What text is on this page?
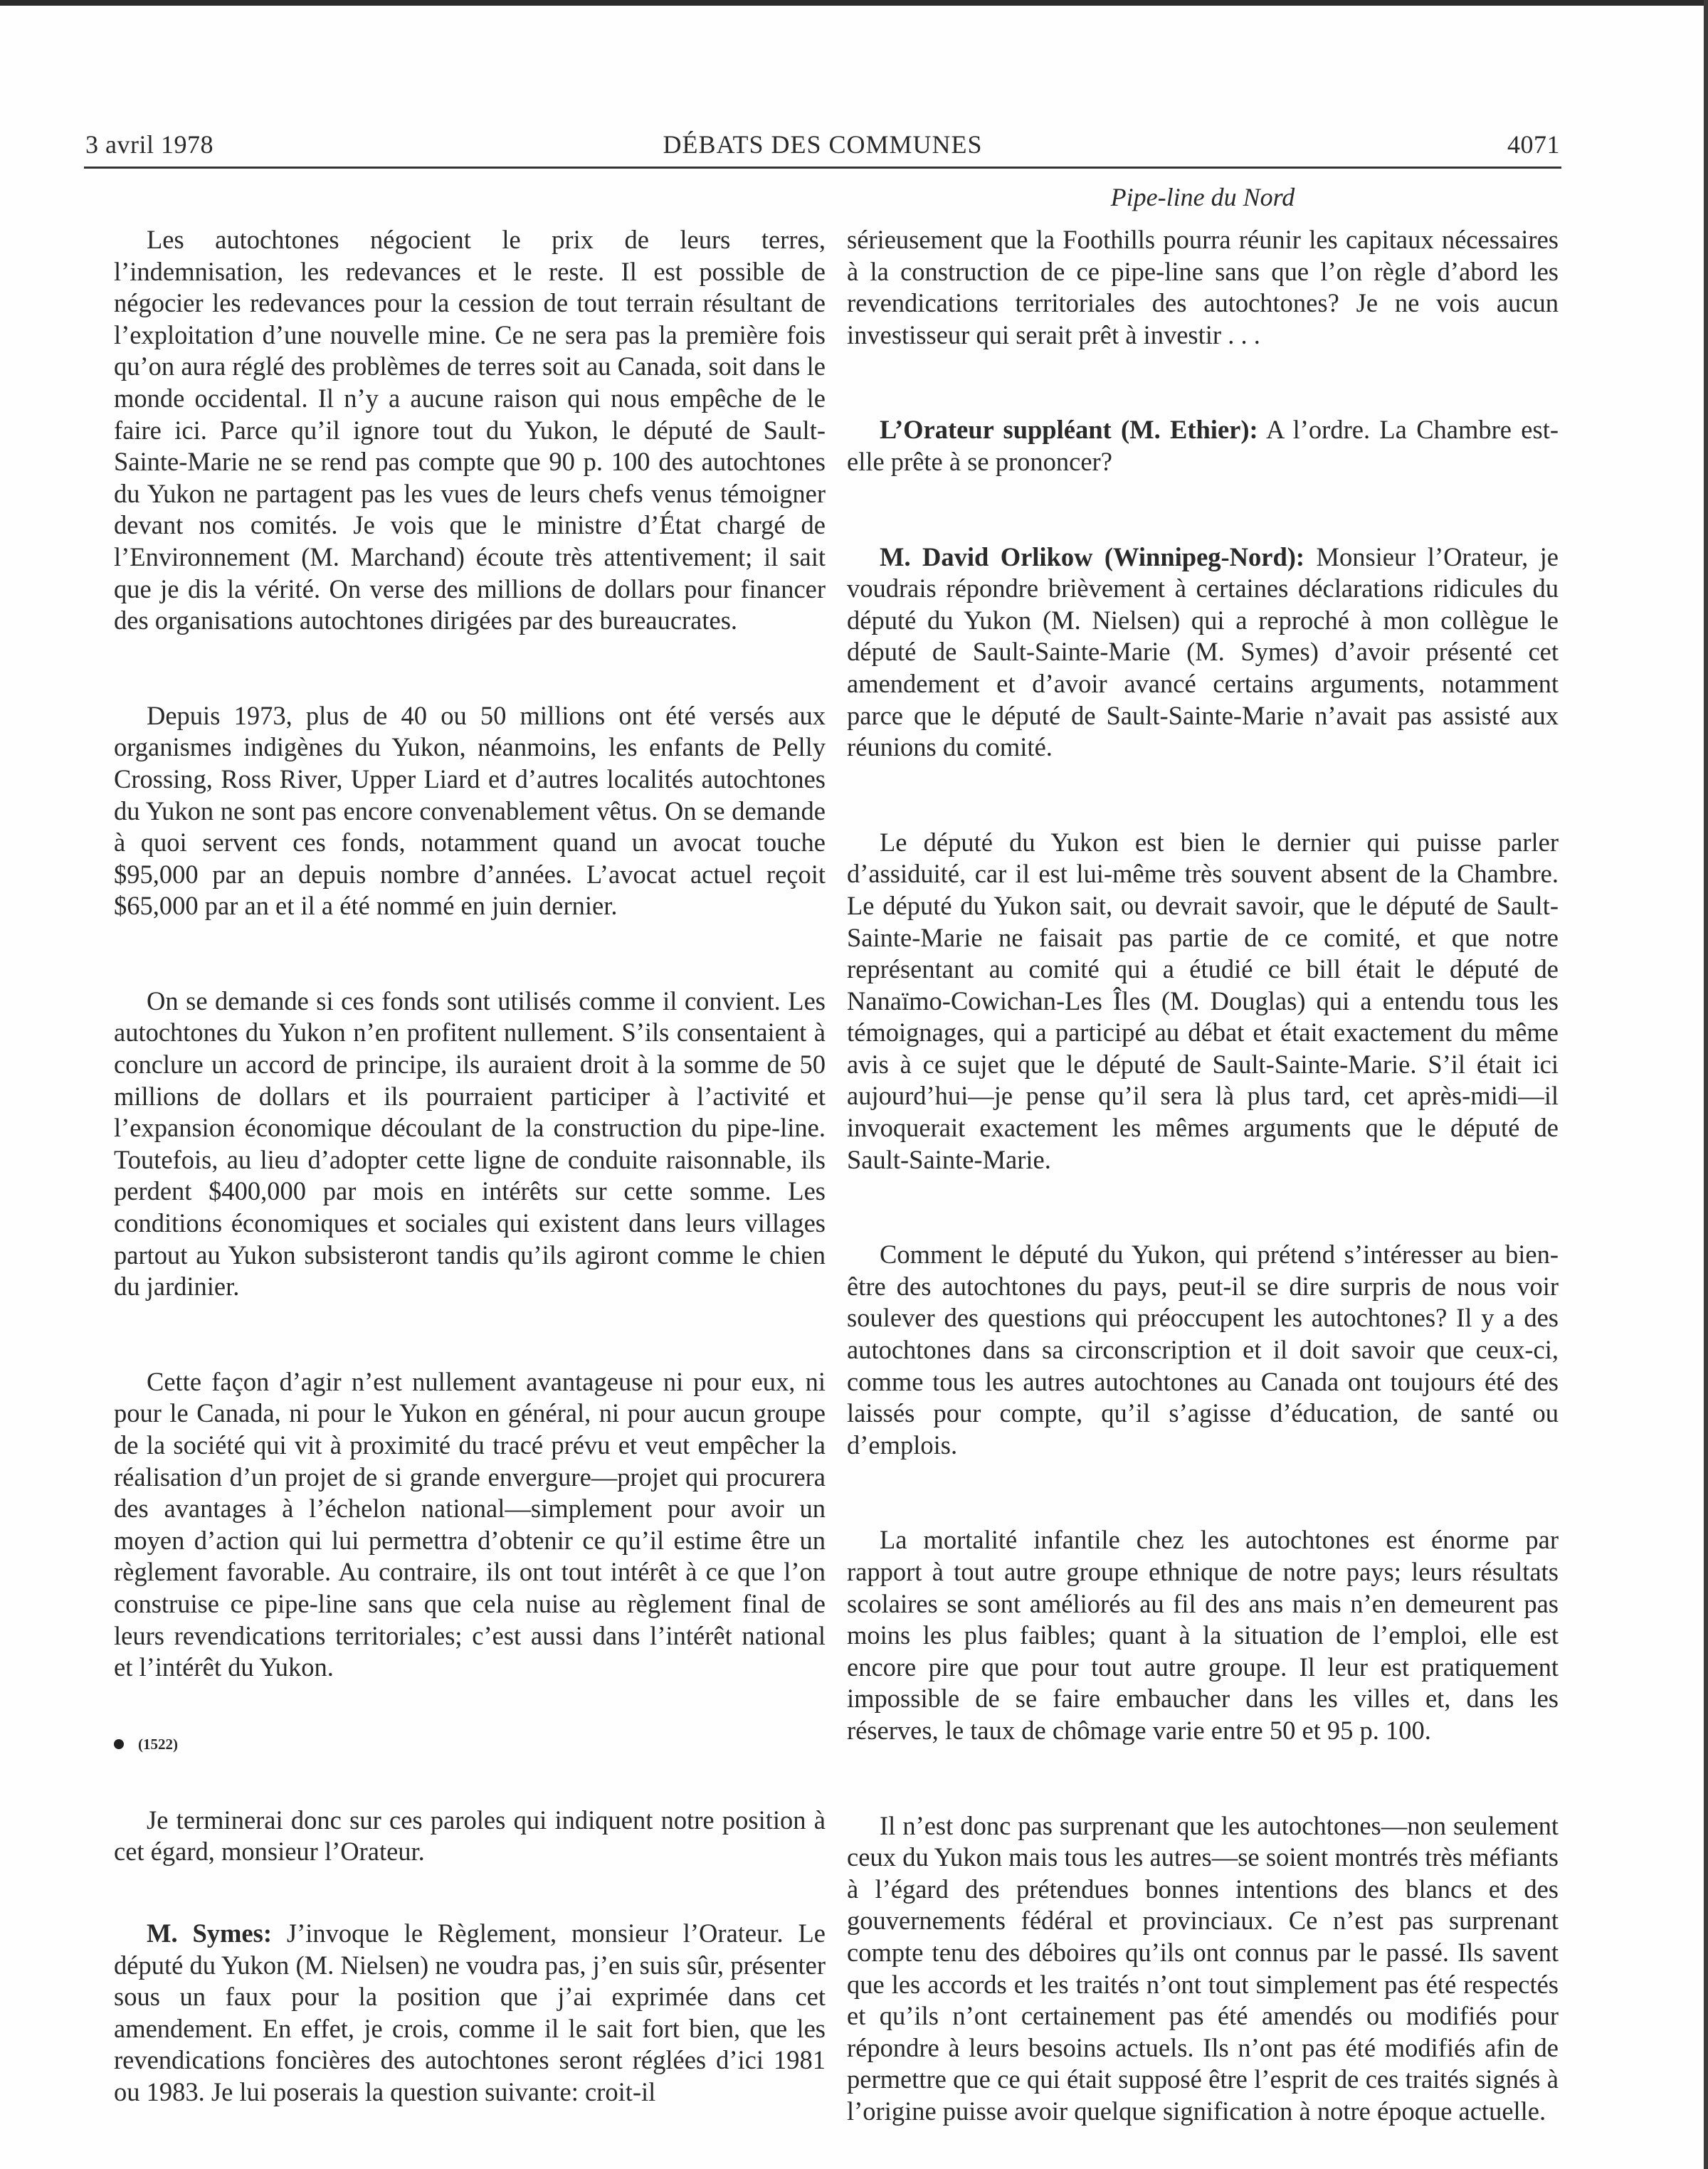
3 avril 1978	DÉBATS DES COMMUNES	4071
Pipe-line du Nord

Les autochtones négocient le prix de leurs terres, l’indemnisation, les redevances et le reste. Il est possible de négocier les redevances pour la cession de tout terrain résultant de l’exploitation d’une nouvelle mine. Ce ne sera pas la première fois qu’on aura réglé des problèmes de terres soit au Canada, soit dans le monde occidental. Il n’y a aucune raison qui nous empêche de le faire ici. Parce qu’il ignore tout du Yukon, le député de Sault-Sainte-Marie ne se rend pas compte que 90 p. 100 des autochtones du Yukon ne partagent pas les vues de leurs chefs venus témoigner devant nos comités. Je vois que le ministre d’État chargé de l’Environnement (M. Marchand) écoute très attentivement; il sait que je dis la vérité. On verse des millions de dollars pour financer des organisations autochtones dirigées par des bureaucrates.

Depuis 1973, plus de 40 ou 50 millions ont été versés aux organismes indigènes du Yukon, néanmoins, les enfants de Pelly Crossing, Ross River, Upper Liard et d’autres localités autochtones du Yukon ne sont pas encore convenablement vêtus. On se demande à quoi servent ces fonds, notamment quand un avocat touche $95,000 par an depuis nombre d’années. L’avocat actuel reçoit $65,000 par an et il a été nommé en juin dernier.

On se demande si ces fonds sont utilisés comme il convient. Les autochtones du Yukon n’en profitent nullement. S’ils consentaient à conclure un accord de principe, ils auraient droit à la somme de 50 millions de dollars et ils pourraient participer à l’activité et l’expansion économique découlant de la construction du pipe-line. Toutefois, au lieu d’adopter cette ligne de conduite raisonnable, ils perdent $400,000 par mois en intérêts sur cette somme. Les conditions économiques et sociales qui existent dans leurs villages partout au Yukon subsisteront tandis qu’ils agiront comme le chien du jardinier.

Cette façon d’agir n’est nullement avantageuse ni pour eux, ni pour le Canada, ni pour le Yukon en général, ni pour aucun groupe de la société qui vit à proximité du tracé prévu et veut empêcher la réalisation d’un projet de si grande envergure—projet qui procurera des avantages à l’échelon national—simplement pour avoir un moyen d’action qui lui permettra d’obtenir ce qu’il estime être un règlement favorable. Au contraire, ils ont tout intérêt à ce que l’on construise ce pipe-line sans que cela nuise au règlement final de leurs revendications territoriales; c’est aussi dans l’intérêt national et l’intérêt du Yukon.

(1522)

Je terminerai donc sur ces paroles qui indiquent notre position à cet égard, monsieur l’Orateur.

M. Symes: J’invoque le Règlement, monsieur l’Orateur. Le député du Yukon (M. Nielsen) ne voudra pas, j’en suis sûr, présenter sous un faux pour la position que j’ai exprimée dans cet amendement. En effet, je crois, comme il le sait fort bien, que les revendications foncières des autochtones seront réglées d’ici 1981 ou 1983. Je lui poserais la question suivante: croit-il

sérieusement que la Foothills pourra réunir les capitaux nécessaires à la construction de ce pipe-line sans que l’on règle d’abord les revendications territoriales des autochtones? Je ne vois aucun investisseur qui serait prêt à investir . . .

L’Orateur suppléant (M. Ethier): A l’ordre. La Chambre est-elle prête à se prononcer?

M. David Orlikow (Winnipeg-Nord): Monsieur l’Orateur, je voudrais répondre brièvement à certaines déclarations ridicules du député du Yukon (M. Nielsen) qui a reproché à mon collègue le député de Sault-Sainte-Marie (M. Symes) d’avoir présenté cet amendement et d’avoir avancé certains arguments, notamment parce que le député de Sault-Sainte-Marie n’avait pas assisté aux réunions du comité.

Le député du Yukon est bien le dernier qui puisse parler d’assiduité, car il est lui-même très souvent absent de la Chambre. Le député du Yukon sait, ou devrait savoir, que le député de Sault-Sainte-Marie ne faisait pas partie de ce comité, et que notre représentant au comité qui a étudié ce bill était le député de Nanaïmo-Cowichan-Les Îles (M. Douglas) qui a entendu tous les témoignages, qui a participé au débat et était exactement du même avis à ce sujet que le député de Sault-Sainte-Marie. S’il était ici aujourd’hui—je pense qu’il sera là plus tard, cet après-midi—il invoquerait exactement les mêmes arguments que le député de Sault-Sainte-Marie.

Comment le député du Yukon, qui prétend s’intéresser au bien-être des autochtones du pays, peut-il se dire surpris de nous voir soulever des questions qui préoccupent les autochtones? Il y a des autochtones dans sa circonscription et il doit savoir que ceux-ci, comme tous les autres autochtones au Canada ont toujours été des laissés pour compte, qu’il s’agisse d’éducation, de santé ou d’emplois.

La mortalité infantile chez les autochtones est énorme par rapport à tout autre groupe ethnique de notre pays; leurs résultats scolaires se sont améliorés au fil des ans mais n’en demeurent pas moins les plus faibles; quant à la situation de l’emploi, elle est encore pire que pour tout autre groupe. Il leur est pratiquement impossible de se faire embaucher dans les villes et, dans les réserves, le taux de chômage varie entre 50 et 95 p. 100.

Il n’est donc pas surprenant que les autochtones—non seulement ceux du Yukon mais tous les autres—se soient montrés très méfiants à l’égard des prétendues bonnes intentions des blancs et des gouvernements fédéral et provinciaux. Ce n’est pas surprenant compte tenu des déboires qu’ils ont connus par le passé. Ils savent que les accords et les traités n’ont tout simplement pas été respectés et qu’ils n’ont certainement pas été amendés ou modifiés pour répondre à leurs besoins actuels. Ils n’ont pas été modifiés afin de permettre que ce qui était supposé être l’esprit de ces traités signés à l’origine puisse avoir quelque signification à notre époque actuelle.
